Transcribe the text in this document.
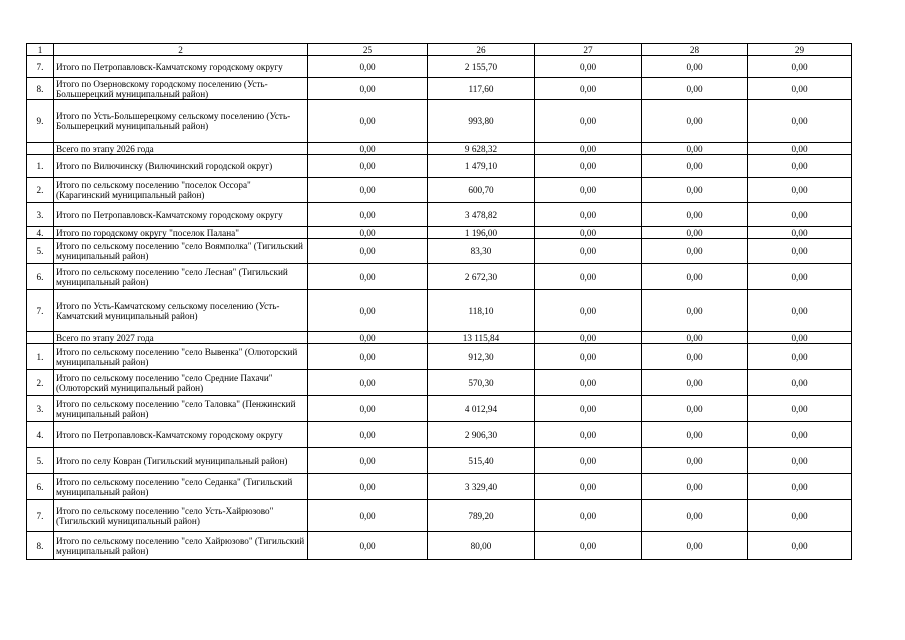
1	2	25	26	27	28	29
7.	Итого по Петропавловск-Камчатскому городскому округу	0,00	2 155,70	0,00	0,00	0,00
8.	Итого по Озерновскому городскому поселению (Усть-Большерецкий муниципальный район)	0,00	117,60	0,00	0,00	0,00
9.	Итого по Усть-Большерецкому сельскому поселению (Усть-Большерецкий муниципальный район)	0,00	993,80	0,00	0,00	0,00
	Всего по этапу 2026 года	0,00	9 628,32	0,00	0,00	0,00
1.	Итого по Вилючинску (Вилючинский городской округ)	0,00	1 479,10	0,00	0,00	0,00
2.	Итого по сельскому поселению "поселок Оссора" (Карагинский муниципальный район)	0,00	600,70	0,00	0,00	0,00
3.	Итого по Петропавловск-Камчатскому городскому округу	0,00	3 478,82	0,00	0,00	0,00
4.	Итого по городскому округу "поселок Палана"	0,00	1 196,00	0,00	0,00	0,00
5.	Итого по сельскому поселению "село Воямполка" (Тигильский муниципальный район)	0,00	83,30	0,00	0,00	0,00
6.	Итого по сельскому поселению "село Лесная" (Тигильский муниципальный район)	0,00	2 672,30	0,00	0,00	0,00
7.	Итого по Усть-Камчатскому сельскому поселению (Усть-Камчатский муниципальный район)	0,00	118,10	0,00	0,00	0,00
	Всего по этапу 2027 года	0,00	13 115,84	0,00	0,00	0,00
1.	Итого по сельскому поселению "село Вывенка" (Олюторский муниципальный район)	0,00	912,30	0,00	0,00	0,00
2.	Итого по сельскому поселению "село Средние Пахачи" (Олюторский муниципальный район)	0,00	570,30	0,00	0,00	0,00
3.	Итого по сельскому поселению "село Таловка" (Пенжинский муниципальный район)	0,00	4 012,94	0,00	0,00	0,00
4.	Итого по Петропавловск-Камчатскому городскому округу	0,00	2 906,30	0,00	0,00	0,00
5.	Итого по селу Ковран (Тигильский муниципальный район)	0,00	515,40	0,00	0,00	0,00
6.	Итого по сельскому поселению "село Седанка" (Тигильский муниципальный район)	0,00	3 329,40	0,00	0,00	0,00
7.	Итого по сельскому поселению "село Усть-Хайрюзово" (Тигильский муниципальный район)	0,00	789,20	0,00	0,00	0,00
8.	Итого по сельскому поселению "село Хайрюзово" (Тигильский муниципальный район)	0,00	80,00	0,00	0,00	0,00
